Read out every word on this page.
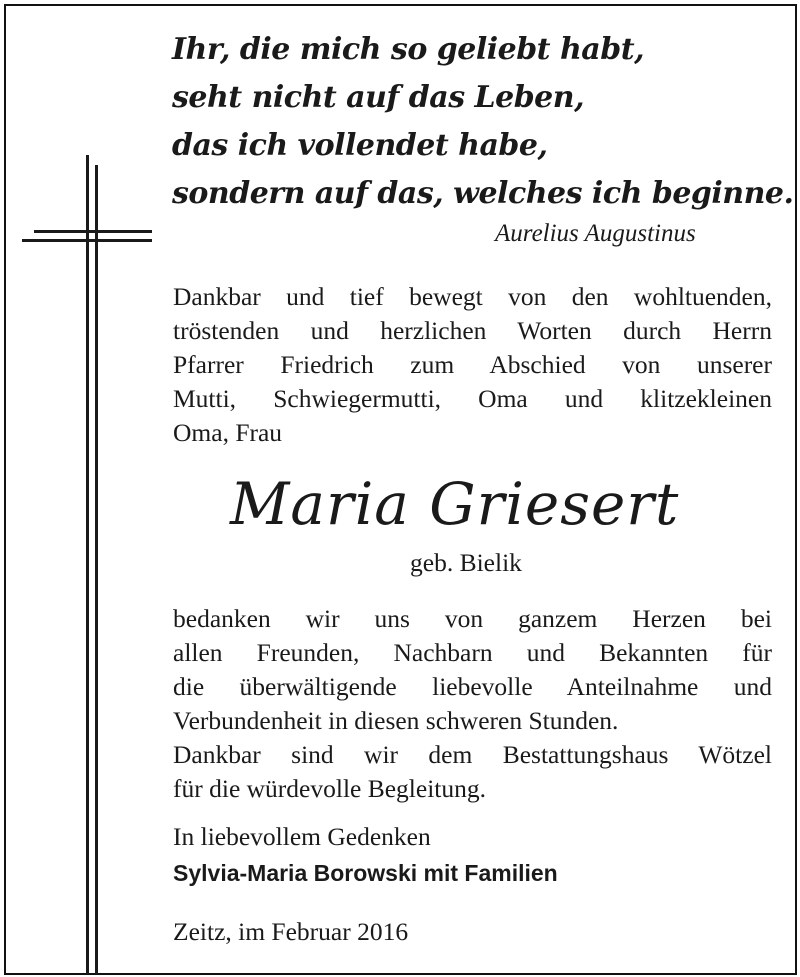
Ihr, die mich so geliebt habt,
seht nicht auf das Leben,
das ich vollendet habe,
sondern auf das, welches ich beginne.
Aurelius Augustinus

Dankbar und tief bewegt von den wohltuenden,

tröstenden und herzlichen Worten durch Herrn

Pfarrer Friedrich zum Abschied von unserer

Mutti, Schwiegermutti, Oma und klitzekleinen

Oma, Frau

Maria Griesert
geb. Bielik

bedanken wir uns von ganzem Herzen bei

allen Freunden, Nachbarn und Bekannten für

die überwältigende liebevolle Anteilnahme und

Verbundenheit in diesen schweren Stunden.

Dankbar sind wir dem Bestattungshaus Wötzel

für die würdevolle Begleitung.

In liebevollem Gedenken
Sylvia-Maria Borowski mit Familien
Zeitz, im Februar 2016
